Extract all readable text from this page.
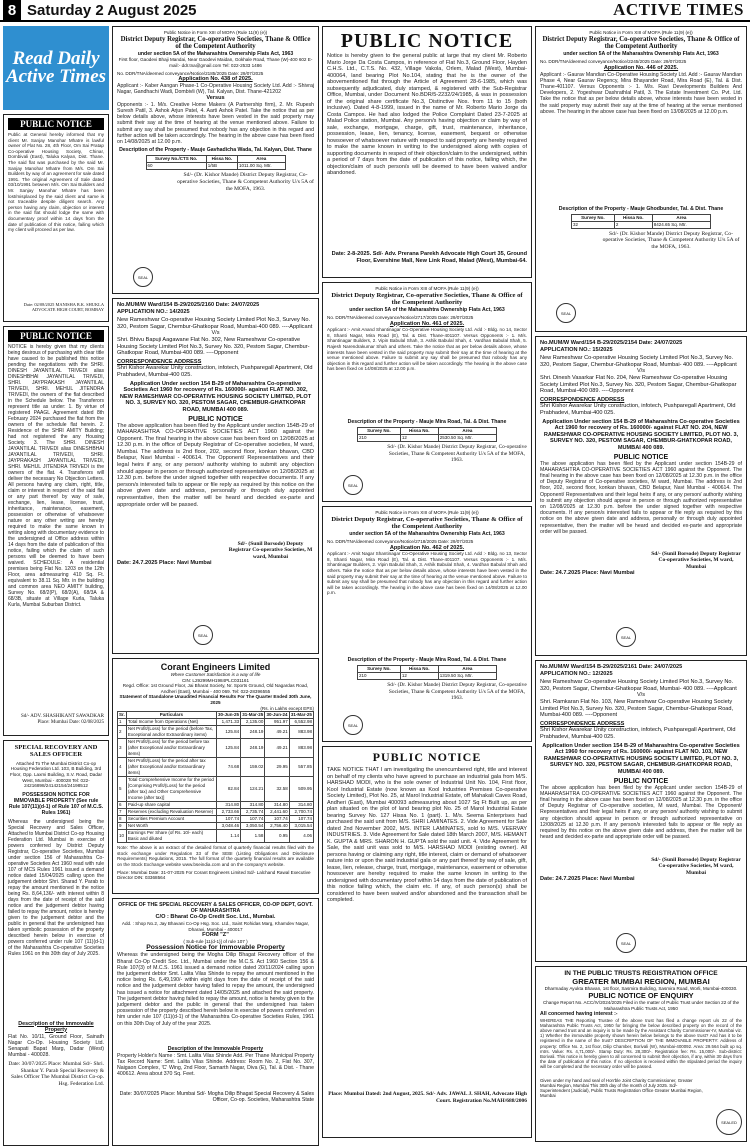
8 Saturday 2 August 2025	ACTIVE TIMES
Read Daily Active Times
PUBLIC NOTICE
Public at General hereby informed that my client Mr. Sanjay Manohar Mhatre is lawful owner of Flat No. 28, 4th Floor, Om Sai Pratap Co-operative Housing Society, Chinar, Dombivali (East), Taluka Kalyan, Dist. Thane. The said flat was purchased by the said Mr. Sanjay Manohar Mhatre from M/s. Om Sai Builders by way of an agreement for sale dated 1991. The original Agreement of Sale dated 03/10/1991 between M/s. Om Sai Builders and Mr. Sanjay Manohar Mhatre has been lost/misplaced by the said client and same is not traceable despite diligent search. Any person having any claim, objection or interest in the said flat should lodge the same with documentary proof within 14 days from the date of publication of this notice, failing which my client will proceed as per law.
Date: 02/08/2025 MANISHA B.K. SHUKLA ADVOCATE HIGH COURT, BOMBAY
PUBLIC NOTICE
NOTICE is hereby given that my clients being desirous of purchasing with clear title have caused to be published this notice pending the negotiations with the SHRI. DINESH JAYANTILAL TRIVEDI alias DINESHBHAI JAYANTILAL TRIVEDI, SHRI. JAYPRAKASH JAYANTILAL TRIVEDI, SHRI. MEHUL JITENDRA TRIVEDI, the owners of the flat described in the Schedule below. The Transferors represent title as under: 1. By virtue of registered PAAGL Agreement dated 8th February 2024 purchased the flat from the owners of the schedule flat herein. 2. Residence of the SHRI AMITY Building; had not registered the any Housing Society. 3. The SHRI. DINESH JAYANTILAL TRIVEDI alias DINESHBHAI JAYANTILAL TRIVEDI, SHRI. JAYPRAKASH JAYANTILAL TRIVEDI, SHRI. MEHUL JITENDRA TRIVEDI is the owners of the flat. 4. Transferors will deliver the necessary No Objection Letters. All persons having any claim, right, title, claim or interest in respect of the said flat or any part thereof by way of sale, exchange, lien, lease, license, trust, inheritance, maintenance, easement, possession or otherwise of whatsoever nature or any other writing are hereby required to make the same known in writing along with documentary evidence to the undersigned at Office address within 14 days from the date of publication of this notice, failing which the claim of such persons will be deemed to have been waived. SCHEDULE: A residential premises being Flat No. 1203 on the 12th Floor, area admeasuring 410 Sq. Ft. equivalent to 38.11 Sq. Mtr. in the building and common area NEO AMITY building, Survey No. 68/2(P), 68/2(A), 68/3A & 68/3B, situate at Village Kurla, Taluka Kurla, Mumbai Suburban District.
Sd/- ADV. SHASHIKANT SAWADKAR Place: Mumbai Date: 02/08/2025
SPECIAL RECOVERY AND SALES OFFICER
Attached To The Mumbai District Co-op Housing Federation Ltd. 103, B Building, 3rd Floor, Opp. Laxmi Building, S.V. Road, Dadar West, Mumbai - 400028 Tel: 022-24216898/24142154/24198512
POSSESSION NOTICE FOR IMMOVABLE PROPERTY (See rule Rule 107(11)(d-1) of Rule 107 of M.C.S. Rules 1961)
Whereas the undersigned being the Special Recovery and Sales Officer, Attached to Mumbai District Co-op Housing Federation Ltd. Mumbai in exercise of powers conferred by District Deputy Registrar, Co-operative Societies, Mumbai under section 156 of Maharashtra Co-operative Societies Act 1960 read with rule 107 of MCS Rules 1961 issued a demand notice dated 15/04/2025 calling upon the judgement debtor Shri. Sharad Y. Parab to repay the amount mentioned in the notice being Rs. 8,64,136/- with interest within 8 days from the date of receipt of the said notice and the judgement debtor having failed to repay the amount, notice is hereby given to the judgement debtor and the public in general that the undersigned has taken symbolic possession of the property described herein below in exercise of powers conferred under rule 107 (11)(d-1) of the Maharashtra Co-operative Societies Rules 1961 on this 30th day of July 2025.
Description of the Immovable Property
Flat No. 10/11, Ground Floor, Sainath Nagar Co-Op. Housing Society Ltd. Senapati Bapat Marg, Dadar (West) Mumbai - 400028.
Date: 30/07/2025 Place: Mumbai Sd/- Shri. Shankar Y. Parab Special Recovery & Sales Officer The Mumbai District Co-op. Hsg. Federation Ltd.
Public Notice in Form XIII of MOFA (Rule 11(9) (e))
District Deputy Registrar, Co-operative Societies, Thane & Office of the Competent Authority
under section 5A of the Maharashtra Ownership Flats Act, 1963
First floor, Gaodevi Bhaji Mandai, Near Gaodevi Maidan, Gokhale Road, Thane (W)-400 602 E-mail:- ddr.tna@gmail.com Tel: 022-2533 1486
No. DDR/TNA/deemed conveyance/Notice/2185/2025 Date: 29/07/2025
Application No. 438 of 2025.
Applicant :- Kaber Aangan Phase-1 Co-Operative Housing Society Ltd. Add :- Shivraj Nagar, Gandhachi Wadi, Dombivli (W), Tal. Kalyan, Dist. Thane-421202
Versus
Opponents :- 1. M/s. Creative Home Makers (A Partnership firm), 2. Mr. Rupesh Suresh Patil, 3. Ashok Arjun Patel, 4. Aarti Ashok Patel. Take the notice that as per below details above, whose interests have been vested in the said property may submit their say at the time of hearing at the venue mentioned above. Failure to submit any say shall be presumed that nobody has any objection in this regard and further action will be taken accordingly. The hearing in the above case has been fixed on 14/08/2025 at 12.00 p.m.
Description of the Property - Mauje Gavhadicha Wada, Tal. Kalyan, Dist. Thane
Survey No./CTS No.	Hissa No.	Area
60	1/5B	1011.00 Sq. Mtr.
SEAL
Sd/- (Dr. Kishor Mande) District Deputy Registrar, Co-operative Societies, Thane & Competent Authority U/s 5A of the MOFA, 1963.
No.MUM/W Ward/154 B-29/2025/2160 Date: 24/07/2025
APPLICATION NO.: 14/2025
New Rameshwar Co-operative Housing Society Limited Plot No.3, Survey No. 320, Pestom Sagar, Chembur-Ghatkopar Road, Mumbai-400 089. ----Applicant
V/s
Shri. Bhivu Bapuji Aagawane Flat No. 302, New Rameshwar Co-operative Housing Society Limited Plot No.3, Survey No. 320, Pestom Sagar, Chembur-Ghatkopar Road, Mumbai-400 089. ----Opponent
CORRESPONDENCE ADDRESS
Shri Kishor Awarekar Unity construction, infotech, Pushparegall Apartment, Old Prabhadevi, Mumbai-400 025.
Application Under section 154 B-29 of Maharashtra Co-operative Societies Act 1960 for recovery of Rs. 160000/- against FLAT NO. 302, NEW RAMESHWAR CO-OPERATIVE HOUSING SOCIETY LIMITED, PLOT NO. 3, SURVEY NO. 320, PESTOM SAGAR, CHEMBUR-GHATKOPAR ROAD, MUMBAI 400 089.
PUBLIC NOTICE
The above application has been filed by the Applicant under section 154B-29 of MAHARASHTRA CO-OPERATIVE SOCIETIES ACT 1960 against the Opponent. The final hearing in the above case has been fixed on 12/08/2025 at 12.30 p.m. in the office of Deputy Registrar of Co-operative societies, M ward, Mumbai. The address is 2nd floor, 202, second floor, konkan bhavan, CBD Belapur, Navi Mumbai - 400614. The Opponent/ Representatives and their legal heirs if any, or any person/ authority wishing to submit any objection should appear in person or through authorized representative on 12/08/2025 at 12.30 p.m. before the under signed together with respective documents. If any person/s interested fails to appear or file reply as required by this notice on the above given date and address, personally or through duly appointed representative, then the matter will be heard and decided ex-parte and appropriate order will be passed.
SEAL
Sd/- (Sunil Borsode) Deputy Registrar Co-operative Societies, M ward, Mumbai
Date: 24.7.2025 Place: Navi Mumbai
Corant Engineers Limited
Where Customer Satisfaction is a way of life
CIN: L29299MH1984PLC031161
Regd. Office: 1st Ground Floor, Jai Bharat Society, Nr. Sports Ground, Old Nagardas Road, Andheri (East), Mumbai - 400 069. Tel: 022-28396555
Statement of Standalone Unaudited Financial Results For The Quarter Ended 30th June, 2025
(Rs. in Lakhs except EPS)
Sr.	Particulars	30-Jun-25	31-Mar-25	30-Jun-24	31-Mar-25
1	Total Income from Operations (Net)	1,471.33	2,135.00	951.97	6,552.98
2	Net Profit/(Loss) for the period (before Tax, Exceptional and/or Extraordinary items)	125.84	248.19	49.21	883.98
3	Net Profit/(Loss) for the period before tax (after Exceptional and/or Extraordinary items)	125.84	248.19	49.21	883.98
4	Net Profit/(Loss) for the period after tax (after Exceptional and/or Extraordinary items)	74.68	159.02	29.95	557.85
5	Total Comprehensive Income for the period [Comprising Profit/(Loss) for the period (after tax) and Other Comprehensive Income (after tax)]	82.84	124.21	32.58	509.95
6	Paid-up share capital	314.80	314.80	314.80	314.80
7	Reserves (excluding Revaluation Reserve)	2,733.66	2,735.74	2,441.60	2,700.74
8	Securities Premium Account	107.74	107.74	107.74	107.74
9	Net Worth	3,048.46	3,050.54	2,756.40	3,015.54
10	Earnings Per Share (of Rs. 10/- each) Basic and diluted	1.14	1.58	0.95	4.06
Note: The above is an extract of the detailed format of quarterly financial results filed with the stock exchange under Regulation 33 of the SEBI (Listing Obligations and Disclosure Requirements) Regulations, 2015. The full format of the quarterly financial results are available on the Stock Exchange website www.bseindia.com and on the company's website.
Place: Mumbai Date: 31-07-2025 For Corant Engineers Limited Sd/- Lalchand Rawal Executive Director DIN: 03368564
OFFICE OF THE SPECIAL RECOVERY & SALES OFFICER, CO-OP DEPT, GOVT. OF MAHARASHTRA
C/O : Bharat Co-Op Credit Soc. Ltd., Mumbai.
Add. : Shop No.2, Jay Bhavani Co-Op Hsg. Soc. Ltd., Saint Rohidas Marg, Khamdev Nagar, Dharavi, Mumbai - 400017
FORM "Z"
( Sub-rule [11(d-1)] of rule 107 )
Possession Notice for Immovable Property
Whereas the undersigned being the Mogha Dilip Bhagat Recovery officer of the Bharat Co-Op Credit Soc. Ltd., Mumbai under the M.C.S. Act 1960 Section 156 & Rule 107(3) of M.C.S. 1961 issued a demand notice dated 20/11/2024 calling upon the judgement debtor Smt. Lalita Vilas Shinde to repay the amount mentioned in the notice being Rs. 6,49,190/- within eight days from the date of receipt of the said notice and the judgement debtor having failed to repay the amount, the undersigned has issued a notice for attachment dated 14/05/2025 and attached the said property. The judgement debtor having failed to repay the amount, notice is hereby given to the judgement debtor and the public in general that the undersigned has taken possession of the property described herein below in exercise of powers conferred on him under rule 107 (11)(d-1) of the Maharashtra Co-operative Societies Rules, 1961 on this 30th Day of July of the year 2025.
Description of the Immovable Property
Property Holder's Name : Smt. Lalita Vilas Shinde Add. Per Thane Municipal Property Tax Record Name: Smt. Lalita Vilas Shinde. Address: Room No. 2, Flat No. 307, Naigaon Complex, 'C' Wing, 2nd Floor, Samarth Nagar, Diva (E), Tal. & Dist. - Thane 400612. Area about 370 Sq. Feet.
Date: 30/07/2025 Place: Mumbai Sd/- Mogha Dilip Bhagat Special Recovery & Sales Officer, Co-op. Societies, Maharashtra State
PUBLIC NOTICE
Notice is hereby given to the general public at large that my client Mr. Roberto Mario Jorge Da Costa Campos, in reference of Flat No.3, Ground Floor, Hayden C.H.S. Ltd., C.T.S. No. 432, Village Vakola, Orlem, Malad (West), Mumbai-400064, land bearing Plot No.104, stating that he is the owner of the abovementioned flat through the Article of Agreement 28-6-1985, which was subsequently adjudicated, duly stamped, & registered with the Sub-Registrar Office, Mumbai, under Document No.BDR/5-2232/24/1985, & was in possession of the original share certificate No.3, Distinctive Nos. from 11 to 15 (both inclusive). Dated 4-8-1999, issued in the name of Mr. Roberto Mario Jorge da Costa Campos. He had also lodged the Police Complaint Dated 23-7-2025 at Malad Police station, Mumbai. Any person/s having objection or claim by way of sale, exchange, mortgage, charge, gift, trust, maintenance, inheritance, possession, lease, lien, tenancy, license, easement, bequest or otherwise howsoever of whatsoever nature with respect to said property are hereby required to make the same known in writing to the undersigned along with copies of supporting documents in respect of their objection/claim to the undersigned, within a period of 7 days from the date of publication of this notice, failing which, the objection/claim of such person/s will be deemed to have been waived and/or abandoned.
Date: 2-8-2025. Sd/- Adv. Prerana Parekh Advocate High Court 35, Ground Floor, Evershine Mall, New Link Road, Malad (West), Mumbai-64.
Public Notice in Form XIII of MOFA (Rule 11(9) (e))
District Deputy Registrar, Co-operative Societies, Thane & Office of the Competent Authority
under section 5A of the Maharashtra Ownership Flats Act, 1963
No. DDR/TNA/deemed conveyance/Notice/2717/2025 Date: 29/07/2025
Application No. 461 of 2025.
Applicant :- Amit Anand Shantinagar Co-Operative Housing Society Ltd. Add :- Bldg. no 14, Sector 8, Shanti Nagar, Mira Road (E), Tal. & Dist. Thane-401107. Versus Opponents :- 1. M/s. Shantinagar Builders, 2. Vipin Babulal Shah, 3. Ashik Babulal Shah, 4. Vardhan Babulal Shah, 5. Rajesh Narendrakumar Shah and others. Take the notice that as per below details above, whose interests have been vested in the said property may submit their say at the time of hearing at the venue mentioned above. Failure to submit any say shall be presumed that nobody has any objection in this regard and further action will be taken accordingly. The hearing in the above case has been fixed on 14/08/2025 at 12.00 p.m.
Description of the Property - Mauje Mira Road, Tal. & Dist. Thane
Survey No.	Hissa No.	Area
210	12	2530.50 Sq. Mtr.
SEAL
Sd/- (Dr. Kishor Mande) District Deputy Registrar, Co-operative Societies, Thane & Competent Authority U/s 5A of the MOFA, 1963.
Public Notice in Form XIII of MOFA (Rule 11(9) (e))
District Deputy Registrar, Co-operative Societies, Thane & Office of the Competent Authority
under section 5A of the Maharashtra Ownership Flats Act, 1963
No. DDR/TNA/deemed conveyance/Notice/2718/2025 Date: 29/07/2025
Application No. 462 of 2025.
Applicant :- Amit Nagar Shantinagar Co-Operative Housing Society Ltd. Add :- Bldg. no 13, Sector 8, Shanti Nagar, Mira Road (E), Tal. & Dist. Thane-401107. Versus Opponents :- 1. M/s. Shantinagar Builders, 2. Vipin Babulal Shah, 3. Ashik Babulal Shah, 4. Vardhan Babulal Shah and others. Take the notice that as per below details above, whose interests have been vested in the said property may submit their say at the time of hearing at the venue mentioned above. Failure to submit any say shall be presumed that nobody has any objection in this regard and further action will be taken accordingly. The hearing in the above case has been fixed on 14/08/2025 at 12.00 p.m.
Description of the Property - Mauje Mira Road, Tal. & Dist. Thane
Survey No.	Hissa No.	Area
210	12	1319.50 Sq. Mtr.
SEAL
Sd/- (Dr. Kishor Mande) District Deputy Registrar, Co-operative Societies, Thane & Competent Authority U/s 5A of the MOFA, 1963.
PUBLIC NOTICE
TAKE NOTICE THAT I am investigating the unencumbered right, title and interest on behalf of my clients who have agreed to purchase an industrial gala from M/S. HARSHAD MODI, who is the sole owner of Industrial Unit No. 104, First floor, Kool Industrial Estate (now known as Kool Industries Premises Co-operative Society Limited), Plot No. 25, at Marol Industrial Estate, off Mahakali Caves Road, Andheri (East), Mumbai 400093 admeasuring about 1027 Sq Ft Built up, as per plan situated on the plot of land bearing plot No. 25 of Marol Industrial Estate bearing Survey No. 127 Hissa No. 1 (part). 1. M/s. Seema Enterprises had purchased the said unit from M/S. SHRI LAMINATES. 2. Vide Agreement for Sale dated 2nd November 2002, M/S. INTER LAMINATES, sold to M/S. VEERVAY INDUSTRIES. 3. Vide Agreement for Sale dated 18th March 2007, M/S. HEMANT K. GUPTA & MRS. SHARON H. GUPTA sold the said unit. 4. Vide Agreement for Sale, the said unit was sold to M/S. HARSHAD MODI (existing owner). All persons having or claiming any right, title interest, claim or demand of whatsoever nature into or upon the said industrial gala or any part thereof by way of sale, gift, lease, lien, release, charge, trust, mortgage, maintenance, easement or otherwise howsoever are hereby required to make the same known in writing to the undersigned with documentary proof within 14 days from the date of publication of this notice failing which, the claim etc. if any, of such person(s) shall be considered to have been waived and/or abandoned and the transaction shall be completed.
Place: Mumbai Dated: 2nd August, 2025. Sd/- Adv. JAWAL J. SHAH, Advocate High Court. Registration No.MAH/688/2006
Public Notice in Form XIII of MOFA (Rule 11(9) (e))
District Deputy Registrar, Co-operative Societies, Thane & Office of the Competent Authority
under section 5A of the Maharashtra Ownership Flats Act, 1963
No. DDR/TNA/deemed conveyance/Notice/2245/2025 Date: 29/07/2025
Application No. 446 of 2025.
Applicant :- Gaurav Mandian Co-Operative Housing Society Ltd. Add :- Gaurav Mandian Phase 4, Near Gaurav Regency, Mira Bhayander Road, Mira Road (E), Tal. & Dist. Thane-401107. Versus Opponents :- 1. M/s. Ravi Developments Builders And Developers, 2. Yogeshwar Dashrathlal Patil, 3. The Estate Investment Co. Pvt. Ltd. Take the notice that as per below details above, whose interests have been vested in the said property may submit their say at the time of hearing at the venue mentioned above. The hearing in the above case has been fixed on 13/08/2025 at 12.00 p.m.
Description of the Property - Mauje Ghodbunder, Tal. & Dist. Thane
Survey No.	Hissa No.	Area
32	2	8424.65 Sq. Mtr.
SEAL
Sd/- (Dr. Kishor Mande) District Deputy Registrar, Co-operative Societies, Thane & Competent Authority U/s 5A of the MOFA, 1963.
No.MUM/W Ward/154 B-29/2025/2154 Date: 24/07/2025
APPLICATION NO.: 15/2025
New Rameshwar Co-operative Housing Society Limited Plot No.3, Survey No. 320, Pestom Sagar, Chembur-Ghatkopar Road, Mumbai- 400 089. ----Applicant
V/s
Shri. Dinesh Vasarkar Flat No. 204, New Rameshwar Co-operative Housing Society Limited Plot No.3, Survey No. 320, Pestom Sagar, Chembur-Ghatkopar Road, Mumbai-400 089. ----Opponent
CORRESPONDENCE ADDRESS
Shri Kishor Awarekar Unity construction, infotech, Pushparegall Apartment, Old Prabhadevi, Mumbai-400 025.
Application Under section 154 B-29 of Maharashtra Co-operative Societies Act 1960 for recovery of Rs. 160000/- against FLAT NO. 204, NEW RAMESHWAR CO-OPERATIVE HOUSING SOCIETY LIMITED, PLOT NO. 3, SURVEY NO. 320, PESTOM SAGAR, CHEMBUR-GHATKOPAR ROAD, MUMBAI 400 089.
PUBLIC NOTICE
The above application has been filed by the Applicant under section 154B-29 of MAHARASHTRA CO-OPERATIVE SOCIETIES ACT 1960 against the Opponent. The final hearing in the above case has been fixed on 12/08/2025 at 12.30 p.m. in the office of Deputy Registrar of Co-operative societies, M ward, Mumbai. The address is 2nd floor, 202, second floor, konkan bhavan, CBD Belapur, Navi Mumbai - 400614. The Opponent/ Representatives and their legal heirs if any, or any person/ authority wishing to submit any objection should appear in person or through authorized representative on 12/08/2025 at 12.30 p.m. before the under signed together with respective documents. If any person/s interested fails to appear or file reply as required by this notice on the above given date and address, personally or through duly appointed representative, then the matter will be heard and decided ex-parte and appropriate order will be passed.
SEAL
Sd/- (Sunil Borsode) Deputy Registrar Co-operative Societies, M ward, Mumbai
Date: 24.7.2025 Place: Navi Mumbai
No.MUM/W Ward/154 B-29/2025/2161 Date: 24/07/2025
APPLICATION NO.: 12/2025
New Rameshwar Co-operative Housing Society Limited Plot No.3, Survey No. 320, Pestom Sagar, Chembur-Ghatkopar Road, Mumbai- 400 089. ----Applicant
V/s
Shri. Ramkaran Flat No. 103, New Rameshwar Co-operative Housing Society Limited Plot No.3, Survey No. 320, Pestom Sagar, Chembur-Ghatkopar Road, Mumbai-400 089. ----Opponent
CORRESPONDENCE ADDRESS
Shri Kishor Awarekar Unity construction, infotech, Pushparegall Apartment, Old Prabhadevi, Mumbai-400 025.
Application Under section 154 B-29 of Maharashtra Co-operative Societies Act 1960 for recovery of Rs. 160000/- against FLAT NO. 103, NEW RAMESHWAR CO-OPERATIVE HOUSING SOCIETY LIMITED, PLOT NO. 3, SURVEY NO. 320, PESTOM SAGAR, CHEMBUR-GHATKOPAR ROAD, MUMBAI 400 089.
PUBLIC NOTICE
The above application has been filed by the Applicant under section 154B-29 of MAHARASHTRA CO-OPERATIVE SOCIETIES ACT 1960 against the Opponent. The final hearing in the above case has been fixed on 12/08/2025 at 12.30 p.m. in the office of Deputy Registrar of Co-operative societies, M ward, Mumbai. The Opponent/ Representatives and their legal heirs if any, or any person/ authority wishing to submit any objection should appear in person or through authorized representative on 12/08/2025 at 12.30 p.m. If any person/s interested fails to appear or file reply as required by this notice on the above given date and address, then the matter will be heard and decided ex-parte and appropriate order will be passed.
SEAL
Sd/- (Sunil Borsode) Deputy Registrar Co-operative Societies, M ward, Mumbai
Date: 24.7.2025 Place: Navi Mumbai
IN THE PUBLIC TRUSTS REGISTRATION OFFICE
GREATER MUMBAI REGION, MUMBAI
Dharmaday Ayukta Bhavan, 1st floor, Sasmira Building, Sasmira Road, Worli, Mumbai-400030.
PUBLIC NOTICE OF ENQUIRY
Change Report No. ACC/IV/2024/2025 Filed in the matter of Public Trust under Section 22 of the Maharashtra Public Trusts Act, 1950
All concerned having interest :-
WHEREAS THE Reporting Trustee of the above trust has filed a change report u/s 22 of the Maharashtra Public Trusts Act, 1950 for bringing the below described property on the record of the above named trust and an inquiry is to be made by the Assistant Charity Commissioner-IV, Mumbai viz. 1) Whether the immovable property shown herein below belongs to the above trust? And has it to be registered in the name of the trust? DESCRIPTION OF THE IMMOVABLE PROPERTY: Address of property: Office No. 2, 1st floor, Dilip Chamber, Borivali (W), Mumbai-400092. Area: 29.564 built up sq. mtrs. Value: Rs. 4,71,000/-. Stamp Duty: Rs. 28,300/-. Registration fee: Rs. 15,000/-. Sub-district: Borivali. This notice is hereby given to all concerned to submit their objection, if any, within 30 days from the date of publication of this notice. If no objection is received within the stipulated period the inquiry will be completed and the necessary order will be passed.
Given under my hand and seal of Hon'ble Joint Charity Commissioner, Greater Mumbai Region, Mumbai This 30th day of the month of July 2025. Sd/- Superintendent (Judicial), Public Trusts Registration Office Greater Mumbai Region, Mumbai
SEALED
